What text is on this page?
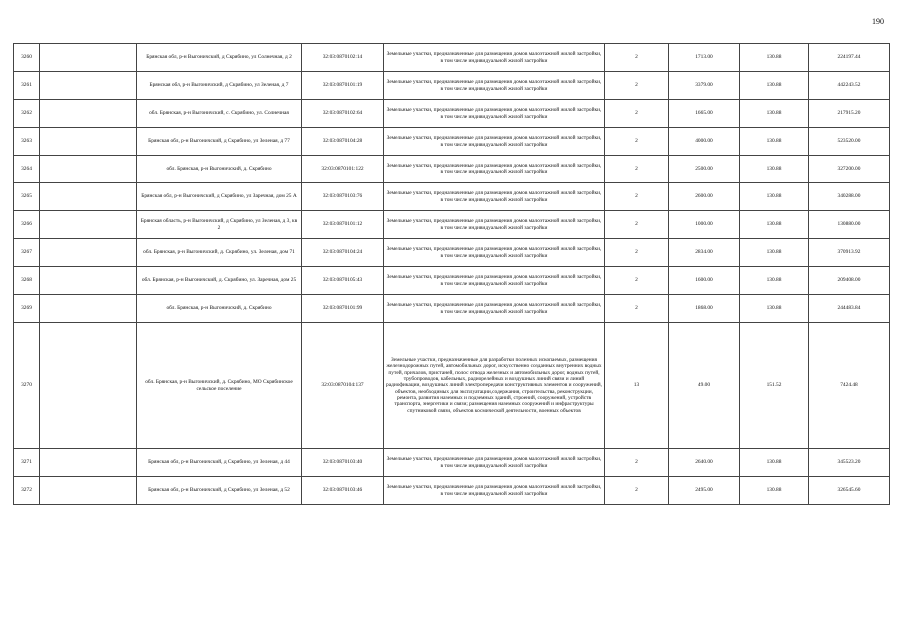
190
3260		Брянская обл, р-н Выгоничский, д Скрябино, ул Солнечная, д 2	32:03:0870102:14	Земельные участки, предназначенные для размещения домов малоэтажной жилой застройки, в том числе индивидуальной жилой застройки	2	1713.00	130.88	224197.44
3261		Брянская обл, р-н Выгоничский, д Скрябино, ул Зеленая, д 7	32:03:0870101:19	Земельные участки, предназначенные для размещения домов малоэтажной жилой застройки, в том числе индивидуальной жилой застройки	2	3379.00	130.88	442243.52
3262		обл. Брянская, р-н Выгоничский, с. Скрябино, ул. Солнечная	32:03:0870102:64	Земельные участки, предназначенные для размещения домов малоэтажной жилой застройки, в том числе индивидуальной жилой застройки	2	1665.00	130.88	217915.20
3263		Брянская обл, р-н Выгоничский, д Скрябино, ул Зеленая, д 77	32:03:0870104:28	Земельные участки, предназначенные для размещения домов малоэтажной жилой застройки, в том числе индивидуальной жилой застройки	2	4000.00	130.88	523520.00
3264		обл. Брянская, р-н Выгоничский, д. Скрябино	32:03:0870101:122	Земельные участки, предназначенные для размещения домов малоэтажной жилой застройки, в том числе индивидуальной жилой застройки	2	2500.00	130.88	327200.00
3265		Брянская обл, р-н Выгоничский, д Скрябино, ул Заречная, дом 25 А	32:03:0870103:76	Земельные участки, предназначенные для размещения домов малоэтажной жилой застройки, в том числе индивидуальной жилой застройки	2	2600.00	130.88	340288.00
3266		Брянская область, р-н Выгоничский, д Скрябино, ул Зеленая, д 3, кв 2	32:03:0870101:12	Земельные участки, предназначенные для размещения домов малоэтажной жилой застройки, в том числе индивидуальной жилой застройки	2	1000.00	130.88	130880.00
3267		обл. Брянская, р-н Выгоничский, д. Скрябино, ул. Зеленая, дом 71	32:03:0870104:24	Земельные участки, предназначенные для размещения домов малоэтажной жилой застройки, в том числе индивидуальной жилой застройки	2	2834.00	130.88	370913.92
3268		обл. Брянская, р-н Выгоничский, д. Скрябино, ул. Заречная, дом 25	32:03:0870105:43	Земельные участки, предназначенные для размещения домов малоэтажной жилой застройки, в том числе индивидуальной жилой застройки	2	1600.00	130.88	209408.00
3269		обл. Брянская, р-н Выгоничский, д. Скрябино	32:03:0870101:99	Земельные участки, предназначенные для размещения домов малоэтажной жилой застройки, в том числе индивидуальной жилой застройки	2	1868.00	130.88	244483.84
3270		обл. Брянская, р-н Выгоничский, д. Скрябино, МО Скрябинское сельское поселение	32:03:0870104:137	Земельные участки, предназначенные для разработки полезных ископаемых, размещения железнодорожных путей, автомобильных дорог, искусственно созданных внутренних водных путей, причалов, пристаней, полос отвода железных и автомобильных дорог, водных путей, трубопроводов, кабельных, радиорелейных и воздушных линий связи и линий радиофикации, воздушных линий электропередачи конструктивных элементов и сооружений, объектов, необходимых для эксплуатации,содержания, строительства, реконструкции, ремонта, развития наземных и подземных зданий, строений, сооружений, устройств транспорта, энергетики и связи; размещения наземных сооружений и инфраструктуры спутниковой связи, объектов космической деятельности, военных объектов	13	49.00	151.52	7424.48
3271		Брянская обл, р-н Выгоничский, д Скрябино, ул Зеленая, д 44	32:03:0870103:40	Земельные участки, предназначенные для размещения домов малоэтажной жилой застройки, в том числе индивидуальной жилой застройки	2	2640.00	130.88	345523.20
3272		Брянская обл, р-н Выгоничский, д Скрябино, ул Зеленая, д 52	32:03:0870103:46	Земельные участки, предназначенные для размещения домов малоэтажной жилой застройки, в том числе индивидуальной жилой застройки	2	2495.00	130.88	326545.60
